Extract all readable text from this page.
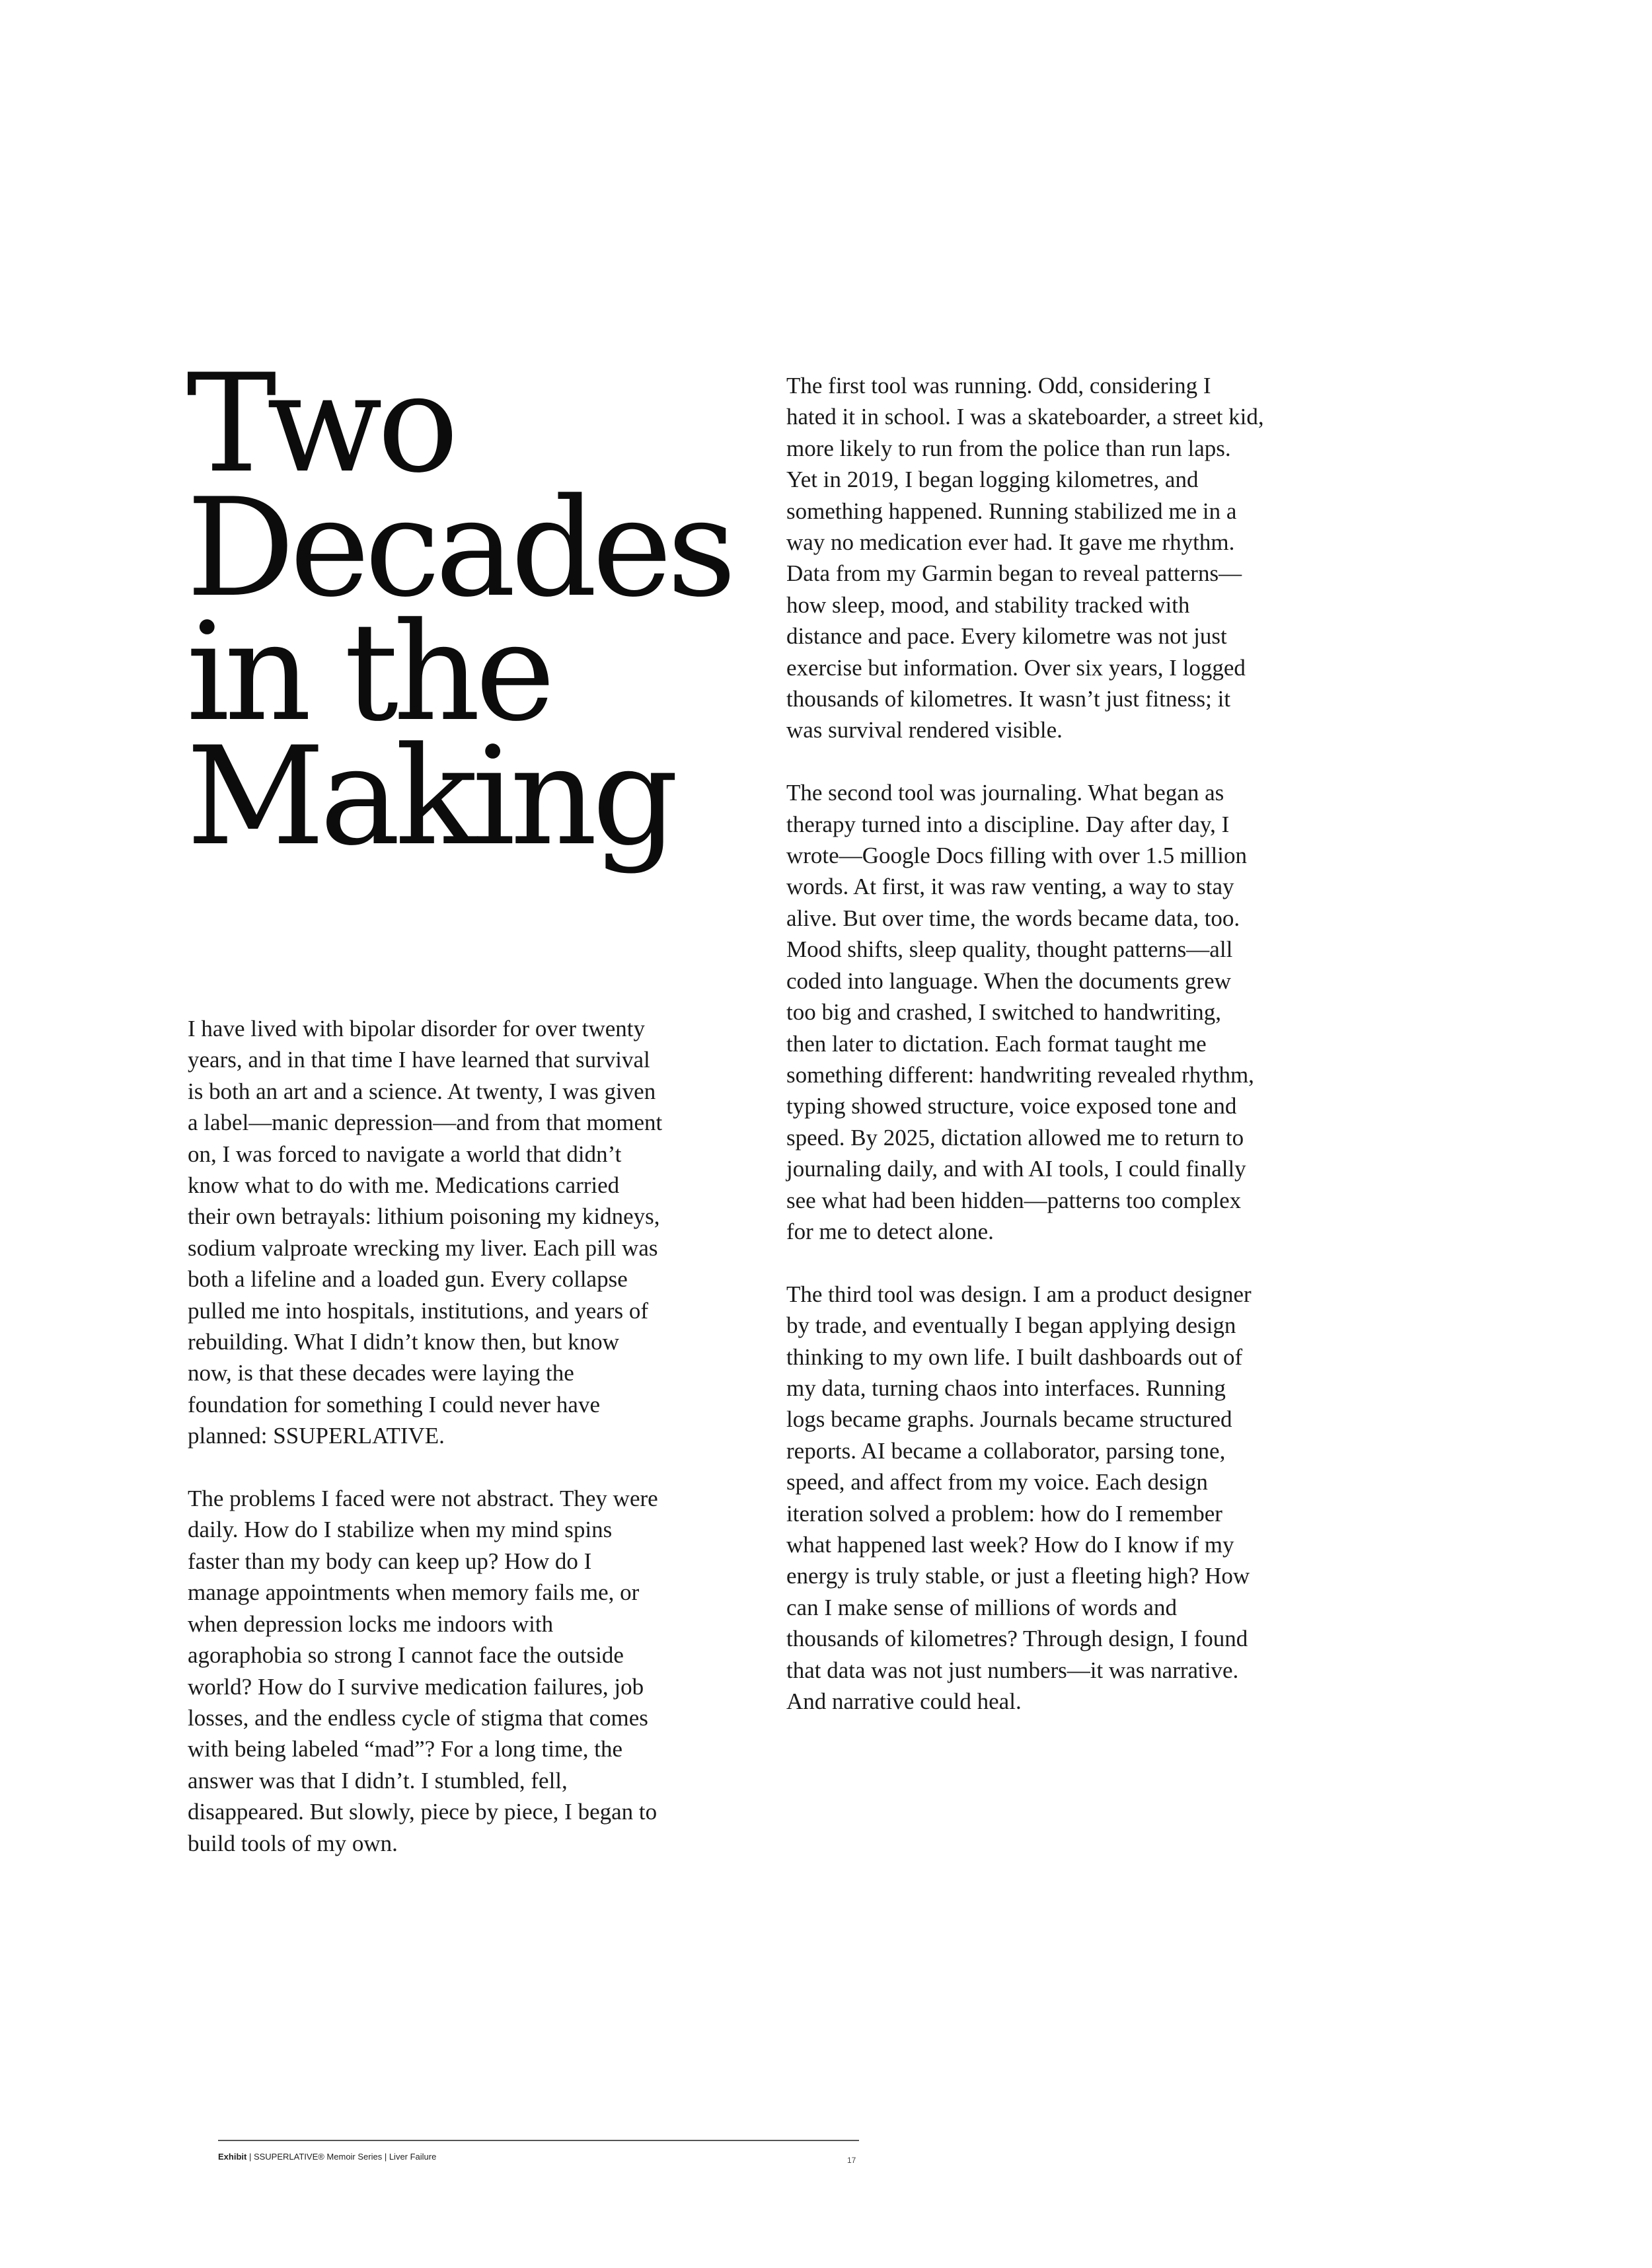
Two
Decades
in the
Making

I have lived with bipolar disorder for over twenty
years, and in that time I have learned that survival
is both an art and a science. At twenty, I was given
a label—manic depression—and from that moment
on, I was forced to navigate a world that didn’t
know what to do with me. Medications carried
their own betrayals: lithium poisoning my kidneys,
sodium valproate wrecking my liver. Each pill was
both a lifeline and a loaded gun. Every collapse
pulled me into hospitals, institutions, and years of
rebuilding. What I didn’t know then, but know
now, is that these decades were laying the
foundation for something I could never have
planned: SSUPERLATIVE.

The problems I faced were not abstract. They were
daily. How do I stabilize when my mind spins
faster than my body can keep up? How do I
manage appointments when memory fails me, or
when depression locks me indoors with
agoraphobia so strong I cannot face the outside
world? How do I survive medication failures, job
losses, and the endless cycle of stigma that comes
with being labeled “mad”? For a long time, the
answer was that I didn’t. I stumbled, fell,
disappeared. But slowly, piece by piece, I began to
build tools of my own.

The first tool was running. Odd, considering I
hated it in school. I was a skateboarder, a street kid,
more likely to run from the police than run laps.
Yet in 2019, I began logging kilometres, and
something happened. Running stabilized me in a
way no medication ever had. It gave me rhythm.
Data from my Garmin began to reveal patterns—
how sleep, mood, and stability tracked with
distance and pace. Every kilometre was not just
exercise but information. Over six years, I logged
thousands of kilometres. It wasn’t just fitness; it
was survival rendered visible.

The second tool was journaling. What began as
therapy turned into a discipline. Day after day, I
wrote—Google Docs filling with over 1.5 million
words. At first, it was raw venting, a way to stay
alive. But over time, the words became data, too.
Mood shifts, sleep quality, thought patterns—all
coded into language. When the documents grew
too big and crashed, I switched to handwriting,
then later to dictation. Each format taught me
something different: handwriting revealed rhythm,
typing showed structure, voice exposed tone and
speed. By 2025, dictation allowed me to return to
journaling daily, and with AI tools, I could finally
see what had been hidden—patterns too complex
for me to detect alone.

The third tool was design. I am a product designer
by trade, and eventually I began applying design
thinking to my own life. I built dashboards out of
my data, turning chaos into interfaces. Running
logs became graphs. Journals became structured
reports. AI became a collaborator, parsing tone,
speed, and affect from my voice. Each design
iteration solved a problem: how do I remember
what happened last week? How do I know if my
energy is truly stable, or just a fleeting high? How
can I make sense of millions of words and
thousands of kilometres? Through design, I found
that data was not just numbers—it was narrative.
And narrative could heal.

Exhibit | SSUPERLATIVE® Memoir Series | Liver Failure	17
